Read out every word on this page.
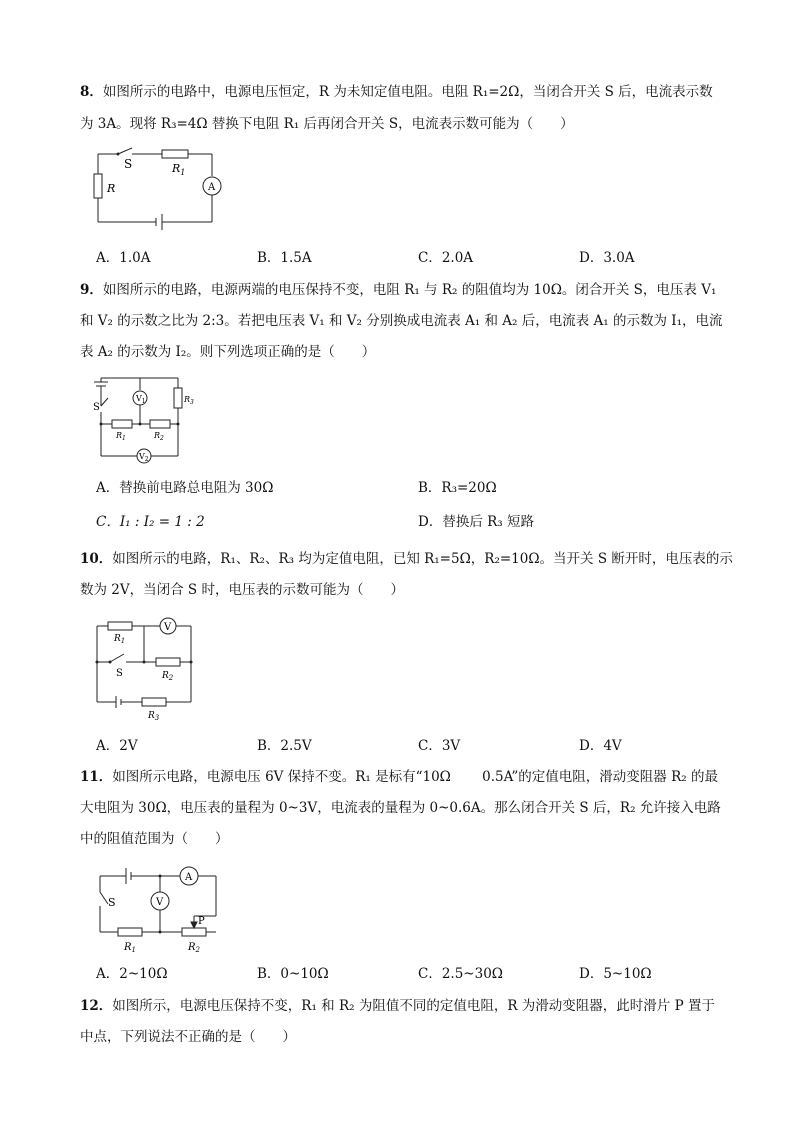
8．如图所示的电路中，电源电压恒定，R 为未知定值电阻。电阻 R₁=2Ω，当闭合开关 S 后，电流表示数
为 3A。现将 R₃=4Ω 替换下电阻 R₁ 后再闭合开关 S，电流表示数可能为（　　）
S	$R_1$
R	A
A．1.0A	B．1.5A	C．2.0A	D．3.0A
9．如图所示的电路，电源两端的电压保持不变，电阻 R₁ 与 R₂ 的阻值均为 10Ω。闭合开关 S，电压表 V₁
和 V₂ 的示数之比为 2:3。若把电压表 V₁ 和 V₂ 分别换成电流表 A₁ 和 A₂ 后，电流表 A₁ 的示数为 I₁，电流
表 A₂ 的示数为 I₂。则下列选项正确的是（　　）
S
$V_1$
$V_2$
$R_1$	$R_2$
$R_3$
A．替换前电路总电阻为 30Ω	B．R₃=20Ω
C．I₁ : I₂ = 1 : 2	D．替换后 R₃ 短路
10．如图所示的电路，R₁、R₂、R₃ 均为定值电阻，已知 R₁=5Ω，R₂=10Ω。当开关 S 断开时，电压表的示
数为 2V，当闭合 S 时，电压表的示数可能为（　　）
S
V
$R_1$
$R_2$
$R_3$
A．2V	B．2.5V	C．3V	D．4V
11．如图所示电路，电源电压 6V 保持不变。R₁ 是标有“10Ω　　 0.5A”的定值电阻，滑动变阻器 R₂ 的最
大电阻为 30Ω，电压表的量程为 0~3V，电流表的量程为 0~0.6A。那么闭合开关 S 后，R₂ 允许接入电路
中的阻值范围为（　　）
S	V
A
P
$R_1$	$R_2$
A．2~10Ω	B．0~10Ω	C．2.5~30Ω	D．5~10Ω
12．如图所示，电源电压保持不变，R₁ 和 R₂ 为阻值不同的定值电阻，R 为滑动变阻器，此时滑片 P 置于
中点，下列说法不正确的是（　　）
